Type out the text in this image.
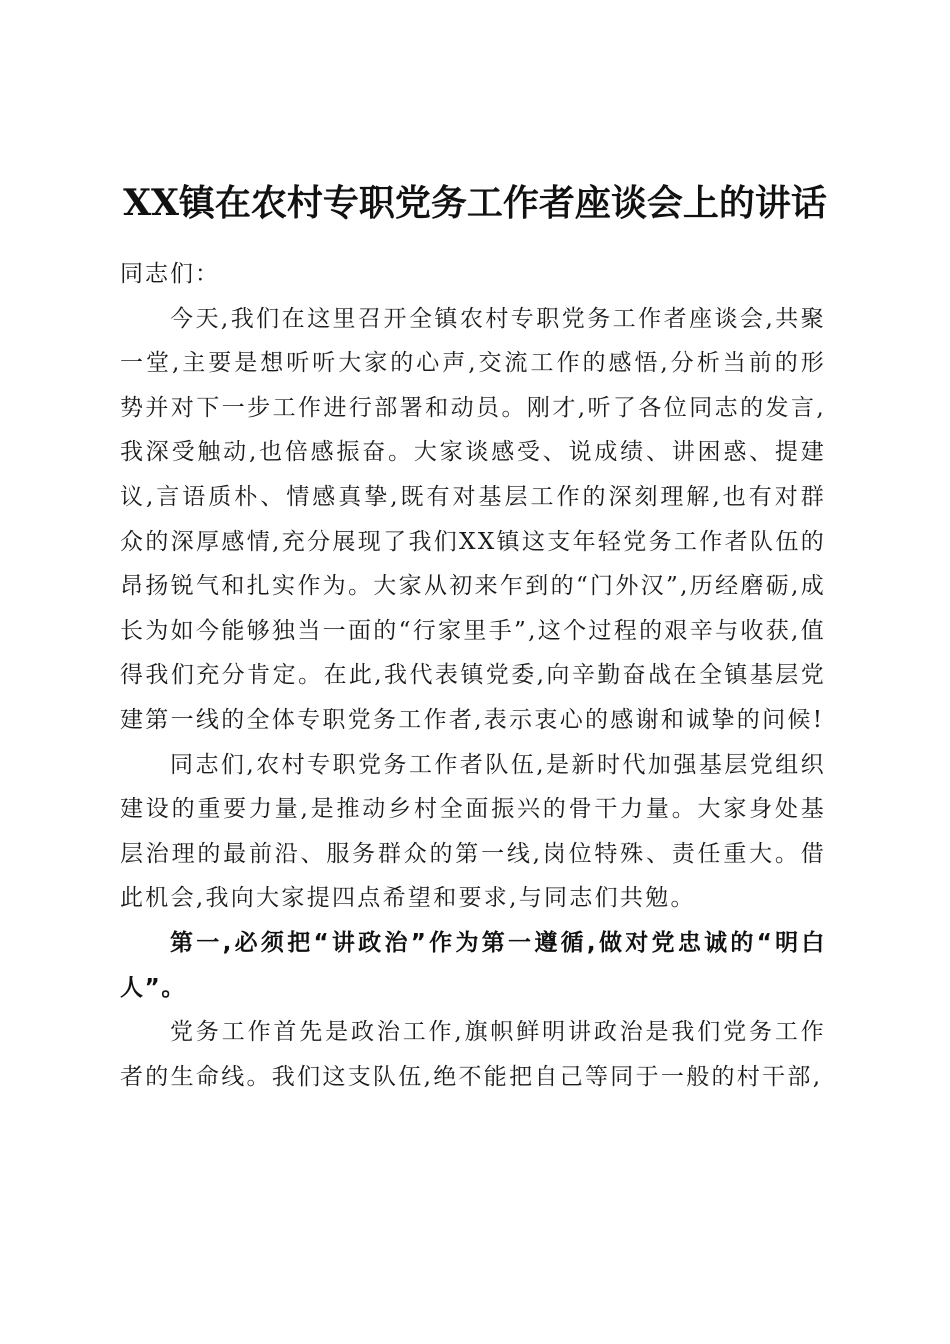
XX镇在农村专职党务工作者座谈会上的讲话

同志们：

今天,我们在这里召开全镇农村专职党务工作者座谈会,共聚一堂,主要是想听听大家的心声,交流工作的感悟,分析当前的形势并对下一步工作进行部署和动员。刚才,听了各位同志的发言,我深受触动,也倍感振奋。大家谈感受、说成绩、讲困惑、提建议,言语质朴、情感真挚,既有对基层工作的深刻理解,也有对群众的深厚感情,充分展现了我们XX镇这支年轻党务工作者队伍的昂扬锐气和扎实作为。大家从初来乍到的“门外汉”,历经磨砺,成长为如今能够独当一面的“行家里手”,这个过程的艰辛与收获,值得我们充分肯定。在此,我代表镇党委,向辛勤奋战在全镇基层党建第一线的全体专职党务工作者,表示衷心的感谢和诚挚的问候!

同志们,农村专职党务工作者队伍,是新时代加强基层党组织建设的重要力量,是推动乡村全面振兴的骨干力量。大家身处基层治理的最前沿、服务群众的第一线,岗位特殊、责任重大。借此机会,我向大家提四点希望和要求,与同志们共勉。

第一,必须把“讲政治”作为第一遵循,做对党忠诚的“明白人”。

党务工作首先是政治工作,旗帜鲜明讲政治是我们党务工作者的生命线。我们这支队伍,绝不能把自己等同于一般的村干部,
